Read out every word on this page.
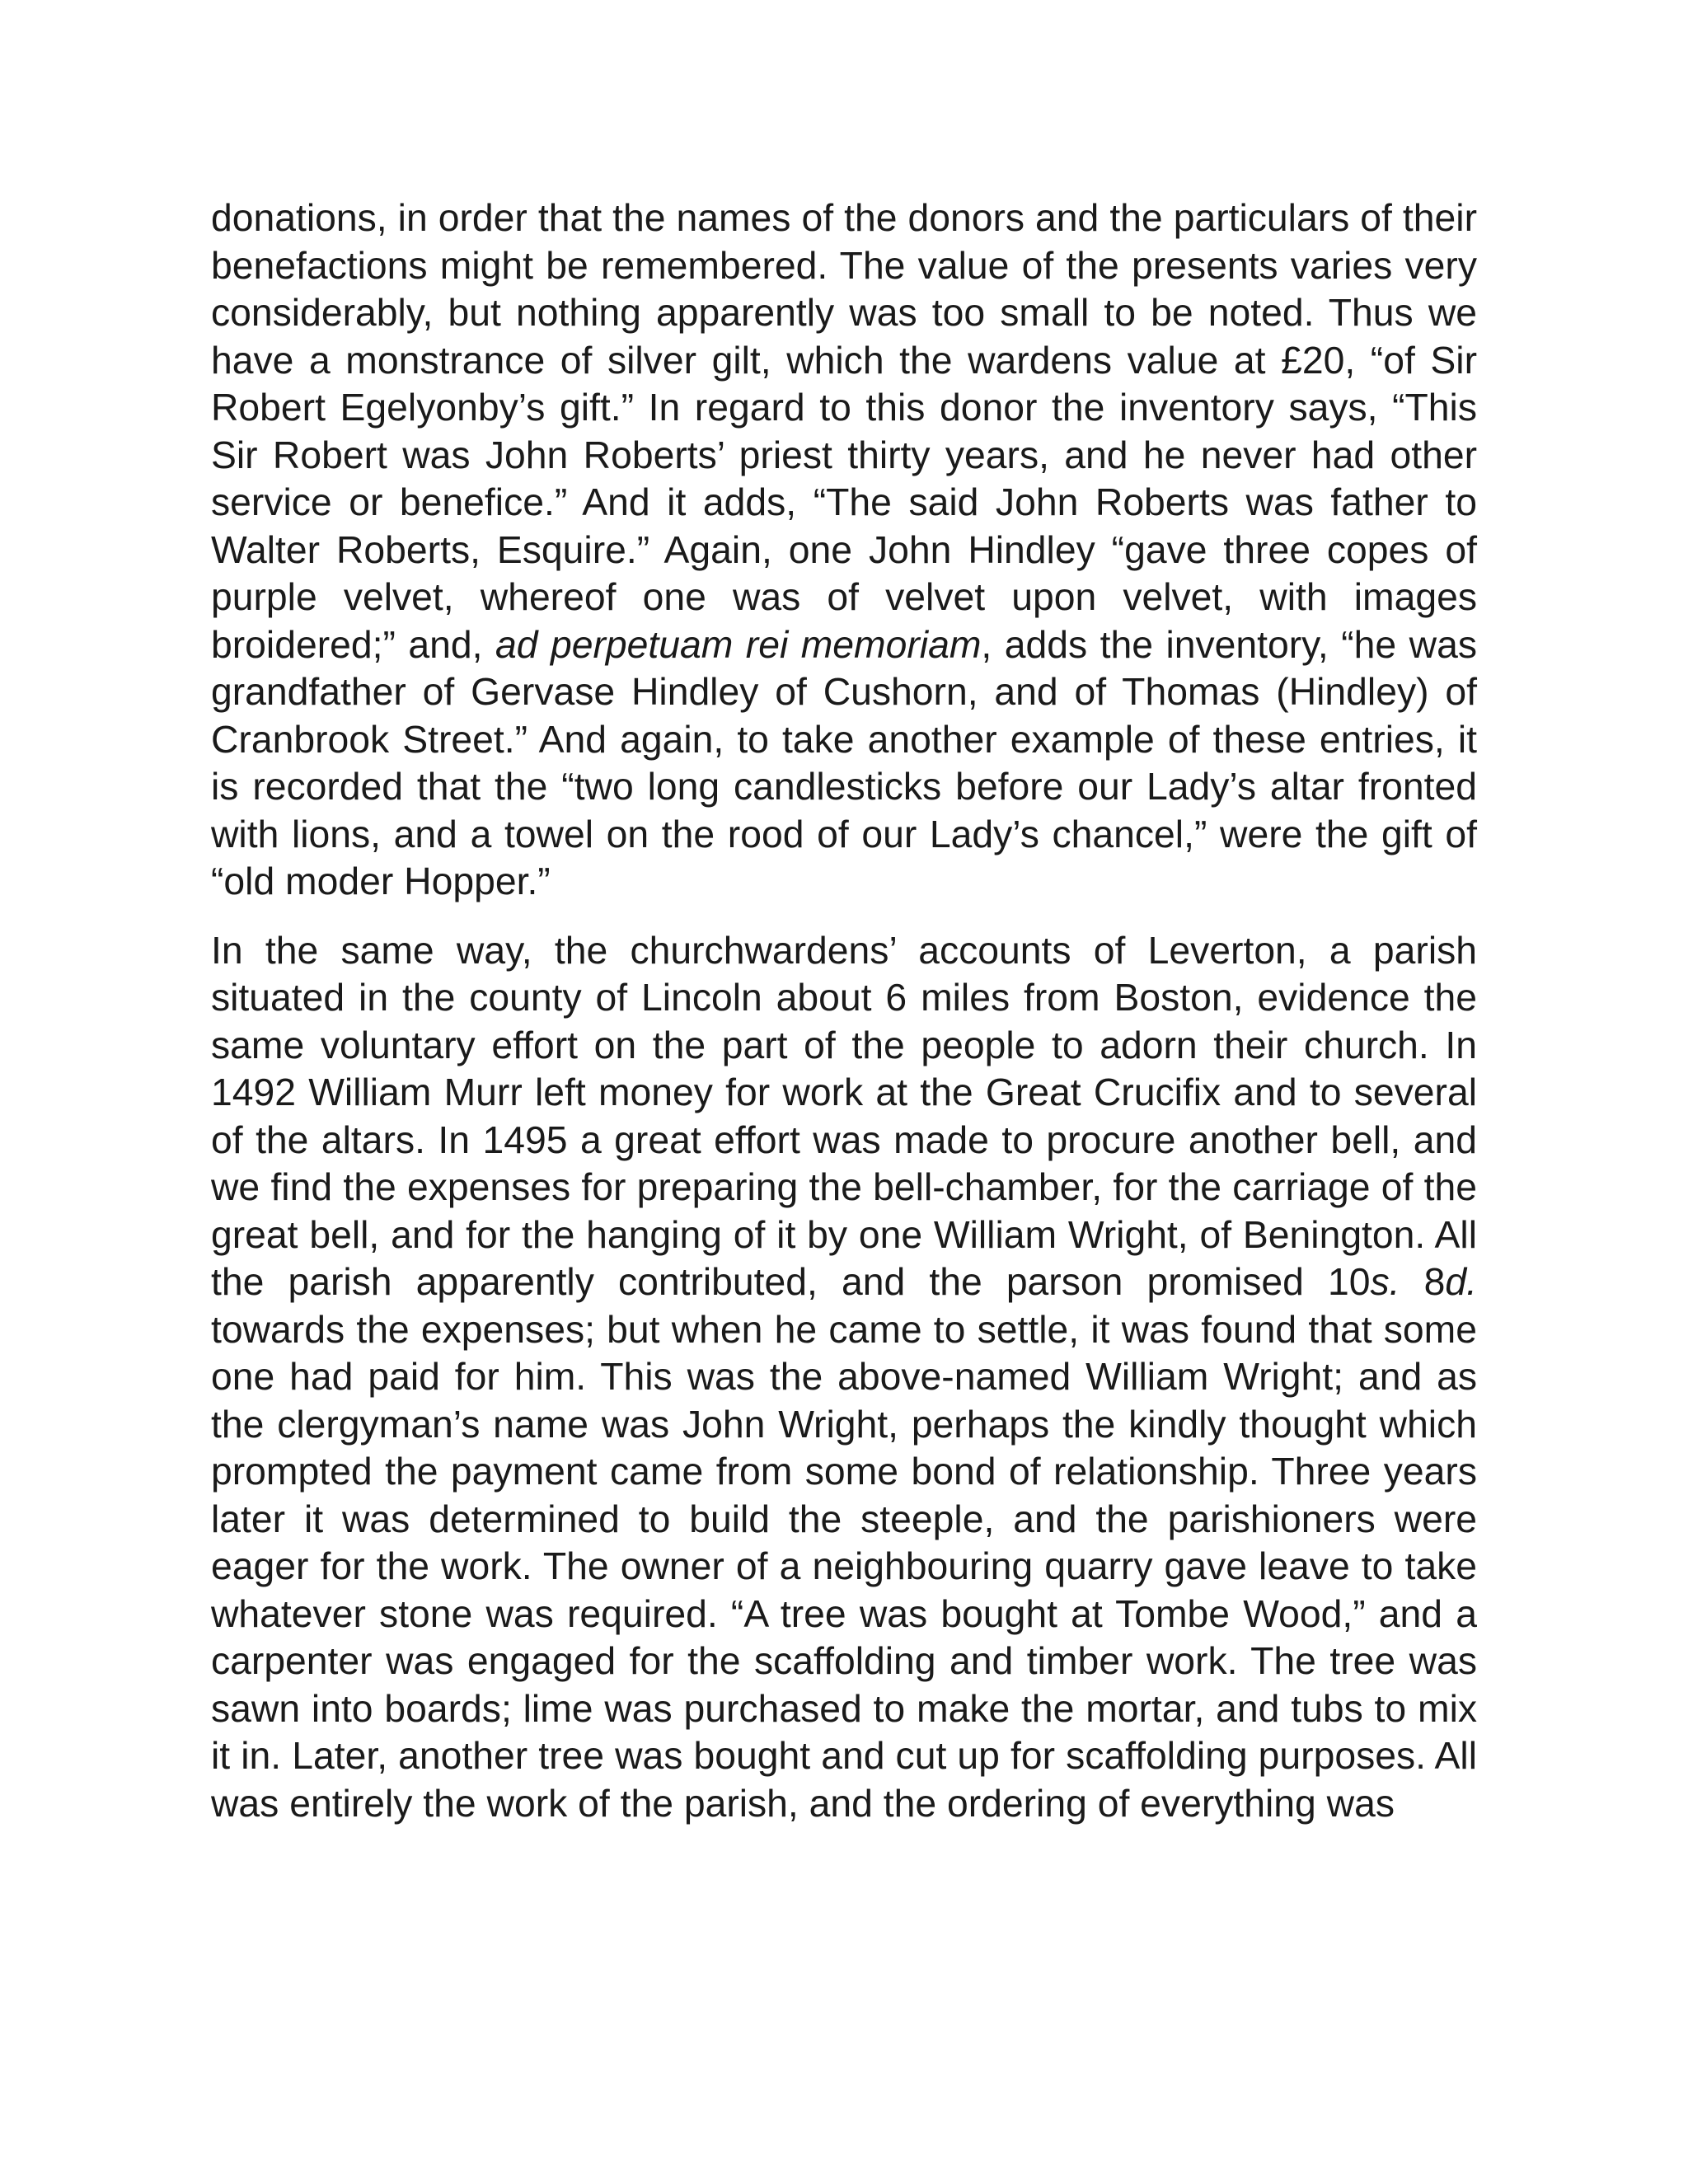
donations, in order that the names of the donors and the particulars of their benefactions might be remembered. The value of the presents varies very considerably, but nothing apparently was too small to be noted. Thus we have a monstrance of silver gilt, which the wardens value at £20, “of Sir Robert Egelyonby’s gift.” In regard to this donor the inventory says, “This Sir Robert was John Roberts’ priest thirty years, and he never had other service or benefice.” And it adds, “The said John Roberts was father to Walter Roberts, Esquire.” Again, one John Hindley “gave three copes of purple velvet, whereof one was of velvet upon velvet, with images broidered;” and, ad perpetuam rei memoriam, adds the inventory, “he was grandfather of Gervase Hindley of Cushorn, and of Thomas (Hindley) of Cranbrook Street.” And again, to take another example of these entries, it is recorded that the “two long candlesticks before our Lady’s altar fronted with lions, and a towel on the rood of our Lady’s chancel,” were the gift of “old moder Hopper.”

In the same way, the churchwardens’ accounts of Leverton, a parish situated in the county of Lincoln about 6 miles from Boston, evidence the same voluntary effort on the part of the people to adorn their church. In 1492 William Murr left money for work at the Great Crucifix and to several of the altars. In 1495 a great effort was made to procure another bell, and we find the expenses for preparing the bell-chamber, for the carriage of the great bell, and for the hanging of it by one William Wright, of Benington. All the parish apparently contributed, and the parson promised 10s. 8d. towards the expenses; but when he came to settle, it was found that some one had paid for him. This was the above-named William Wright; and as the clergyman’s name was John Wright, perhaps the kindly thought which prompted the payment came from some bond of relationship. Three years later it was determined to build the steeple, and the parishioners were eager for the work. The owner of a neighbouring quarry gave leave to take whatever stone was required. “A tree was bought at Tombe Wood,” and a carpenter was engaged for the scaffolding and timber work. The tree was sawn into boards; lime was purchased to make the mortar, and tubs to mix it in. Later, another tree was bought and cut up for scaffolding purposes. All was entirely the work of the parish, and the ordering of everything was
